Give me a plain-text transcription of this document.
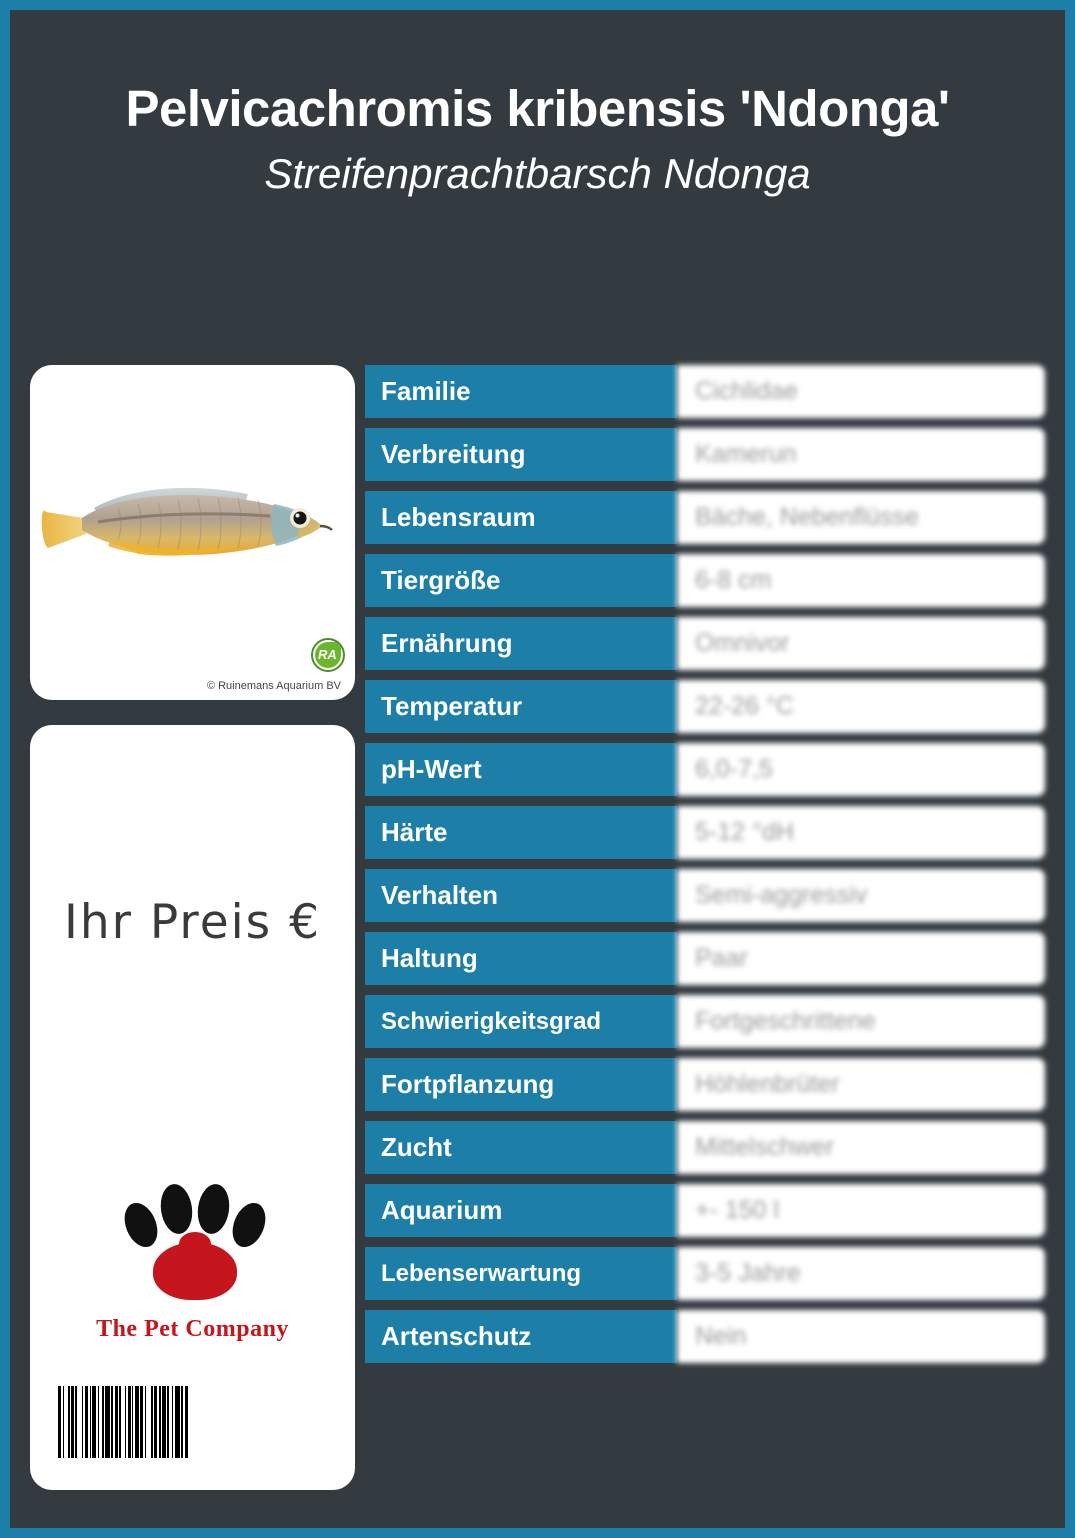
Pelvicachromis kribensis 'Ndonga'
Streifenprachtbarsch Ndonga
RA
© Ruinemans Aquarium BV
Ihr Preis €
The Pet Company
Familie	Cichlidae
Verbreitung	Kamerun
Lebensraum	Bäche, Nebenflüsse
Tiergröße	6-8 cm
Ernährung	Omnivor
Temperatur	22-26 °C
pH-Wert	6,0-7,5
Härte	5-12 °dH
Verhalten	Semi-aggressiv
Haltung	Paar
Schwierigkeitsgrad	Fortgeschrittene
Fortpflanzung	Höhlenbrüter
Zucht	Mittelschwer
Aquarium	+- 150 l
Lebenserwartung	3-5 Jahre
Artenschutz	Nein
